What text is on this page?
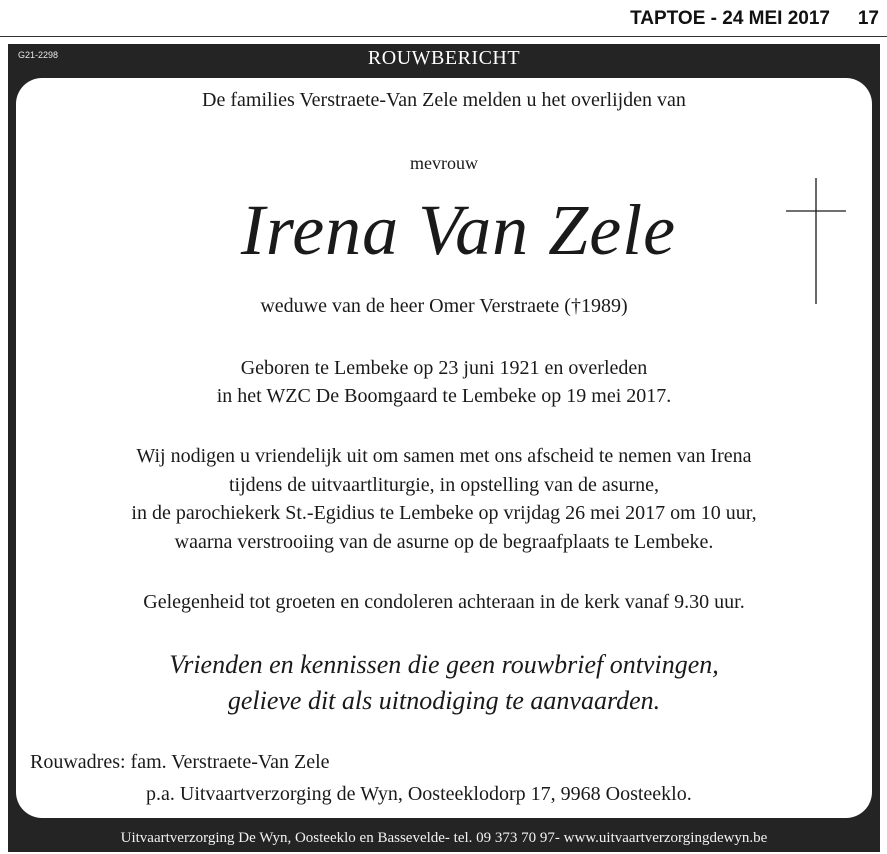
TAPTOE - 24 MEI 2017 17
G21-2298	ROUWBERICHT
De families Verstraete-Van Zele melden u het overlijden van
mevrouw
Irena Van Zele
weduwe van de heer Omer Verstraete (†1989)
Geboren te Lembeke op 23 juni 1921 en overleden
in het WZC De Boomgaard te Lembeke op 19 mei 2017.
Wij nodigen u vriendelijk uit om samen met ons afscheid te nemen van Irena
tijdens de uitvaartliturgie, in opstelling van de asurne,
in de parochiekerk St.-Egidius te Lembeke op vrijdag 26 mei 2017 om 10 uur,
waarna verstrooiing van de asurne op de begraafplaats te Lembeke.
Gelegenheid tot groeten en condoleren achteraan in de kerk vanaf 9.30 uur.
Vrienden en kennissen die geen rouwbrief ontvingen,
gelieve dit als uitnodiging te aanvaarden.
Rouwadres: fam. Verstraete-Van Zele
p.a. Uitvaartverzorging de Wyn, Oosteeklodorp 17, 9968 Oosteeklo.
Uitvaartverzorging De Wyn, Oosteeklo en Bassevelde- tel. 09 373 70 97- www.uitvaartverzorgingdewyn.be
